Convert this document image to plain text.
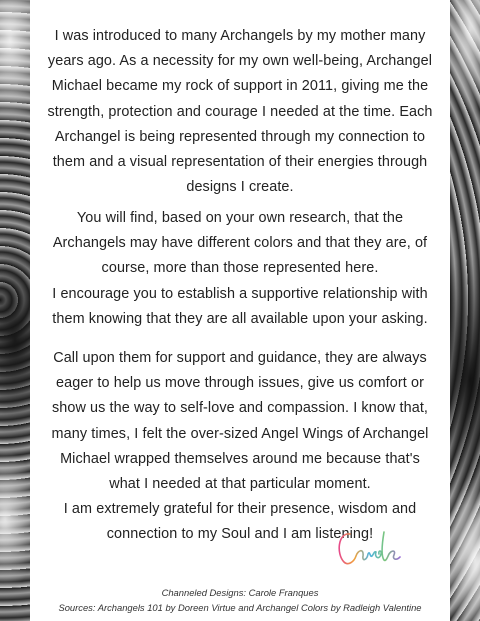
I was introduced to many Archangels by my mother many
years ago. As a necessity for my own well-being, Archangel
Michael became my rock of support in 2011, giving me the
strength, protection and courage I needed at the time. Each
Archangel is being represented through my connection to
them and a visual representation of their energies through
designs I create.
You will find, based on your own research, that the
Archangels may have different colors and that they are, of
course, more than those represented here.
I encourage you to establish a supportive relationship with
them knowing that they are all available upon your asking.
Call upon them for support and guidance, they are always
eager to help us move through issues, give us comfort or
show us the way to self-love and compassion. I know that,
many times, I felt the over-sized Angel Wings of Archangel
Michael wrapped themselves around me because that's
what I needed at that particular moment.
I am extremely grateful for their presence, wisdom and
connection to my Soul and I am listening!
Channeled Designs: Carole Franques
Sources: Archangels 101 by Doreen Virtue and Archangel Colors by Radleigh Valentine
